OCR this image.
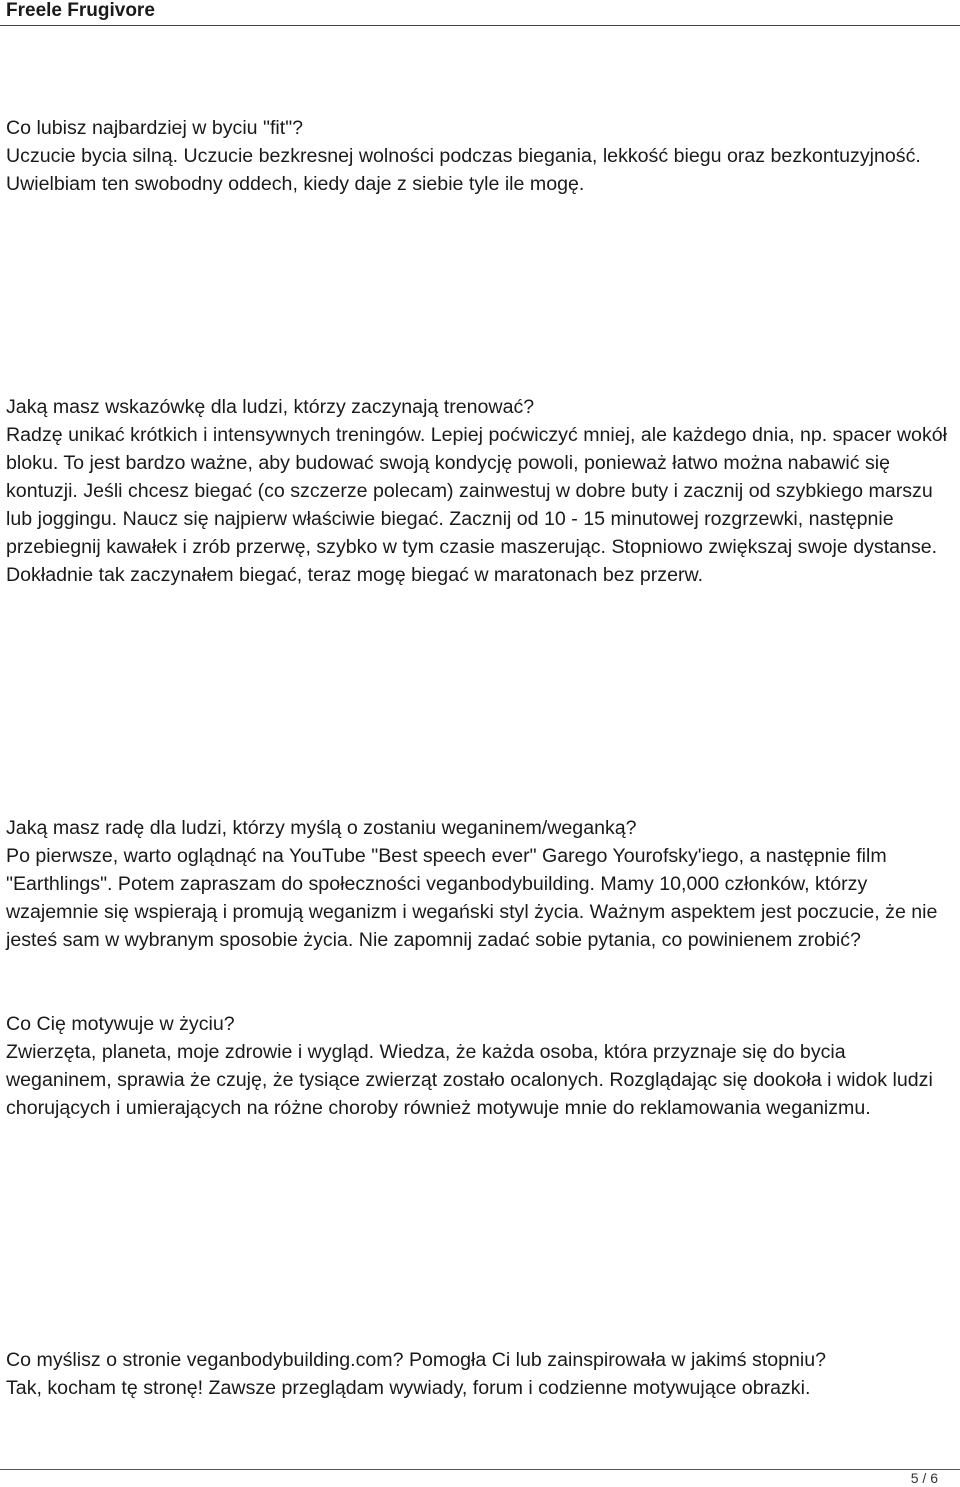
Freele Frugivore

Co lubisz najbardziej w byciu "fit"?

Uczucie bycia silną. Uczucie bezkresnej wolności podczas biegania, lekkość biegu oraz bezkontuzyjność. Uwielbiam ten swobodny oddech, kiedy daje z siebie tyle ile mogę.

Jaką masz wskazówkę dla ludzi, którzy zaczynają trenować?

Radzę unikać krótkich i intensywnych treningów. Lepiej poćwiczyć mniej, ale każdego dnia, np. spacer wokół bloku. To jest bardzo ważne, aby budować swoją kondycję powoli, ponieważ łatwo można nabawić się kontuzji. Jeśli chcesz biegać (co szczerze polecam) zainwestuj w dobre buty i zacznij od szybkiego marszu lub joggingu. Naucz się najpierw właściwie biegać. Zacznij od 10 - 15 minutowej rozgrzewki, następnie przebiegnij kawałek i zrób przerwę, szybko w tym czasie maszerując. Stopniowo zwiększaj swoje dystanse. Dokładnie tak zaczynałem biegać, teraz mogę biegać w maratonach bez przerw.

Jaką masz radę dla ludzi, którzy myślą o zostaniu weganinem/weganką?

Po pierwsze, warto oglądnąć na YouTube "Best speech ever" Garego Yourofsky'iego, a następnie film "Earthlings". Potem zapraszam do społeczności veganbodybuilding. Mamy 10,000 członków, którzy wzajemnie się wspierają i promują weganizm i wegański styl życia. Ważnym aspektem jest poczucie, że nie jesteś sam w wybranym sposobie życia. Nie zapomnij zadać sobie pytania, co powinienem zrobić?

Co Cię motywuje w życiu?

Zwierzęta, planeta, moje zdrowie i wygląd. Wiedza, że każda osoba, która przyznaje się do bycia weganinem, sprawia że czuję, że tysiące zwierząt zostało ocalonych. Rozglądając się dookoła i widok ludzi chorujących i umierających na różne choroby również motywuje mnie do reklamowania weganizmu.

Co myślisz o stronie veganbodybuilding.com? Pomogła Ci lub zainspirowała w jakimś stopniu?

Tak, kocham tę stronę! Zawsze przeglądam wywiady, forum i codzienne motywujące obrazki.

5 / 6
